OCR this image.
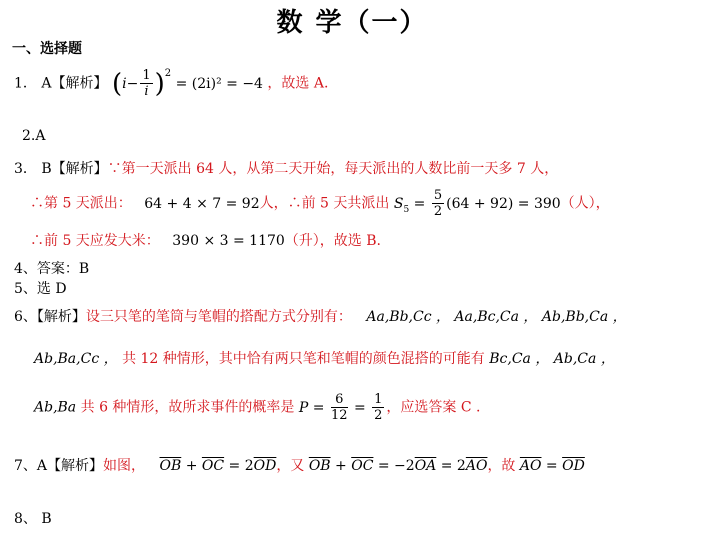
数 学（一）
一、选择题
1． A【解析】 $(i- \frac{1}{i} )^2 = (2i)^2 = -4$ ，故选 A.
2.A
3． B【解析】∵第一天派出 64 人，从第二天开始，每天派出的人数比前一天多 7 人，
∴第 5 天派出： 64 + 4 × 7 = 92人，∴前 5 天共派出 $S_5 = \frac{5}{2} (64 + 92) = 390$（人），
∴前 5 天应发大米： 390 × 3 = 1170（升），故选 B.
4、答案：B
5、选 D
6、【解析】设三只笔的笔筒与笔帽的搭配方式分别有： Aa,Bb,Cc ， Aa,Bc,Ca ， Ab,Bb,Ca ，
Ab,Ba,Cc ， 共 12 种情形，其中恰有两只笔和笔帽的颜色混搭的可能有 Bc,Ca ， Ab,Ca ，
Ab,Ba 共 6 种情形，故所求事件的概率是 $P = \frac{6}{12} = \frac{1}{2}$ ，应选答案 C .
7、A【解析】如图， $\overline{OB} + \overline{OC} = 2\overline{OD}$，又 $\overline{OB} + \overline{OC} = -2\overline{OA} = 2\overline{AO}$，故 $\overline{AO} = \overline{OD}$
8、 B
